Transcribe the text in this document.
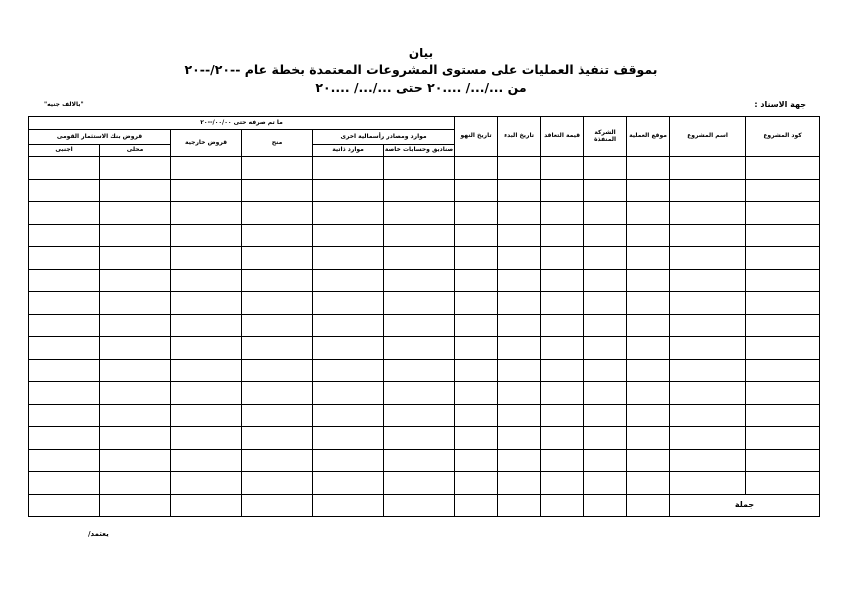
بيان
بموقف تنفيذ العمليات على مستوى المشروعات المعتمدة بخطة عام --٢٠/--٢٠
من .../.../ ....٢٠ حتى .../.../ ....٢٠
جهة الاسناد :
"بالالف جنيه"
كود المشروع	اسم المشروع	موقع العملية	الشركة المنفذة	قيمة التعاقد	تاريخ البدء	تاريخ النهو	ما تم صرفه حتى ٠٠/٠٠/--٢٠					
							موارد ومصادر رأسمالية اخرى		منح	قروض خارجية	قروض بنك الاستثمار القومى	
							صناديق وحسابات خاصة	موارد ذاتية			محلى	اجنبى

جملة												
يعتمد/
